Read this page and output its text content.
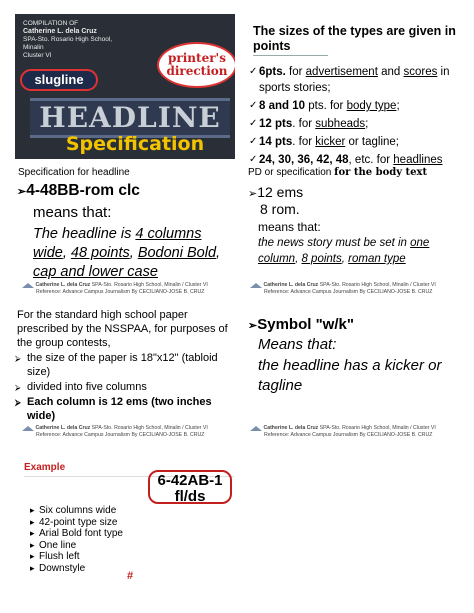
COMPILATION OF

Catherine L. dela Cruz
SPA-Sto. Rosario High School,
Minalin
Cluster VI
slugline
printer's direction
HEADLINE
Specification
The sizes of the types are given in points
✓ 6pts. for advertisement and scores in sports stories;
✓ 8 and 10 pts. for body type;
✓ 12 pts. for subheads;
✓ 14 pts. for kicker or tagline;
✓ 24, 30, 36, 42, 48, etc. for headlines
Specification for headline
➢4-48BB-rom clc
means that:
The headline is 4 columns wide, 48 points, Bodoni Bold, cap and lower case
Catherine L. dela Cruz SPA-Sto. Rosario High School, Minalin / Cluster VI
Reference: Advance Campus Journalism By CECILIANO-JOSE B. CRUZ
PD or specification for the body text
➢12 ems
8 rom.
means that:
the news story must be set in one column, 8 points, roman type
Catherine L. dela Cruz SPA-Sto. Rosario High School, Minalin / Cluster VI
Reference: Advance Campus Journalism By CECILIANO-JOSE B. CRUZ

For the standard high school paper prescribed by the NSSPAA, for purposes of the group contests,

⮚ the size of the paper is 18"x12" (tabloid size)
⮚ divided into five columns
⮚ Each column is 12 ems (two inches wide)
Catherine L. dela Cruz SPA-Sto. Rosario High School, Minalin / Cluster VI
Reference: Advance Campus Journalism By CECILIANO-JOSE B. CRUZ
➢Symbol "w/k"
Means that:
the headline has a kicker or tagline
Catherine L. dela Cruz SPA-Sto. Rosario High School, Minalin / Cluster VI
Reference: Advance Campus Journalism By CECILIANO-JOSE B. CRUZ
Example
6-42AB-1
fl/ds
▸ Six columns wide
▸ 42-point type size
▸ Arial Bold font type
▸ One line
▸ Flush left
▸ Downstyle
#
